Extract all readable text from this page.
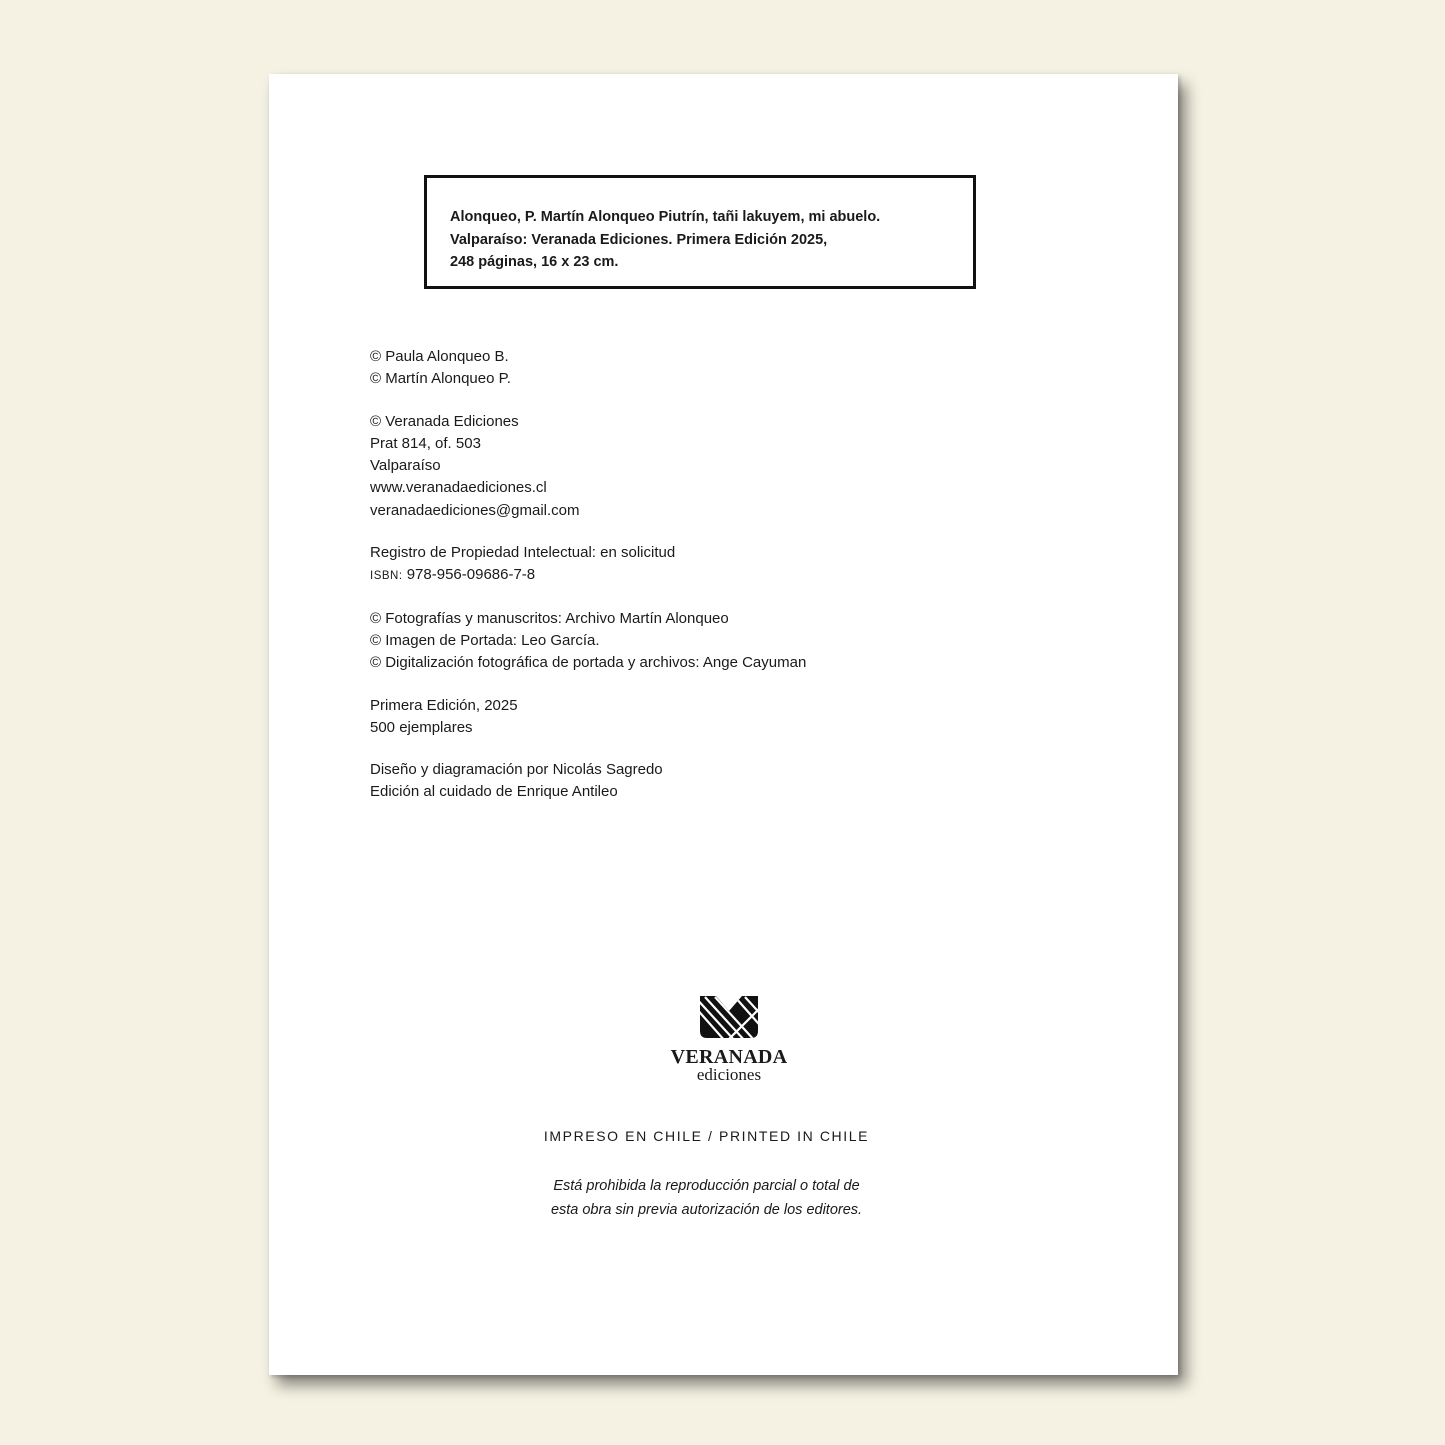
Alonqueo, P. Martín Alonqueo Piutrín, tañi lakuyem, mi abuelo.
Valparaíso: Veranada Ediciones. Primera Edición 2025,
248 páginas, 16 x 23 cm.
© Paula Alonqueo B.
© Martín Alonqueo P.
© Veranada Ediciones
Prat 814, of. 503
Valparaíso
www.veranadaediciones.cl
veranadaediciones@gmail.com
Registro de Propiedad Intelectual: en solicitud
ISBN: 978-956-09686-7-8
© Fotografías y manuscritos: Archivo Martín Alonqueo
© Imagen de Portada: Leo García.
© Digitalización fotográfica de portada y archivos: Ange Cayuman
Primera Edición, 2025
500 ejemplares
Diseño y diagramación por Nicolás Sagredo
Edición al cuidado de Enrique Antileo
VERANADA
ediciones
IMPRESO EN CHILE / PRINTED IN CHILE
Está prohibida la reproducción parcial o total de
esta obra sin previa autorización de los editores.
